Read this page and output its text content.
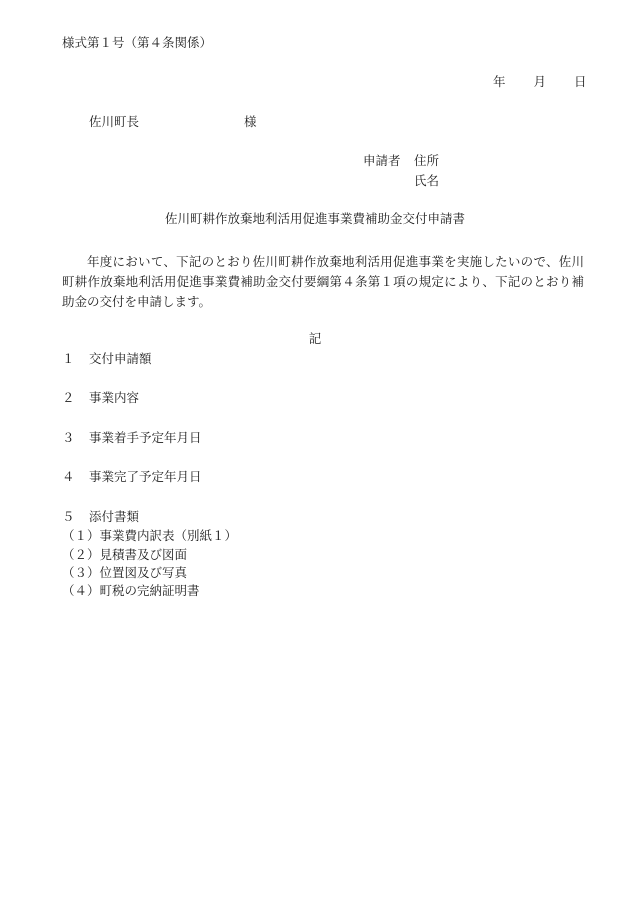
様式第１号（第４条関係）
年 月 日
佐川町長	様
申請者 住所
氏名
佐川町耕作放棄地利活用促進事業費補助金交付申請書
年度において、下記のとおり佐川町耕作放棄地利活用促進事業を実施したいので、佐川町耕作放棄地利活用促進事業費補助金交付要綱第４条第１項の規定により、下記のとおり補助金の交付を申請します。
記
１ 交付申請額
２ 事業内容
３ 事業着手予定年月日
４ 事業完了予定年月日
５ 添付書類
（１）事業費内訳表（別紙１）
（２）見積書及び図面
（３）位置図及び写真
（４）町税の完納証明書
